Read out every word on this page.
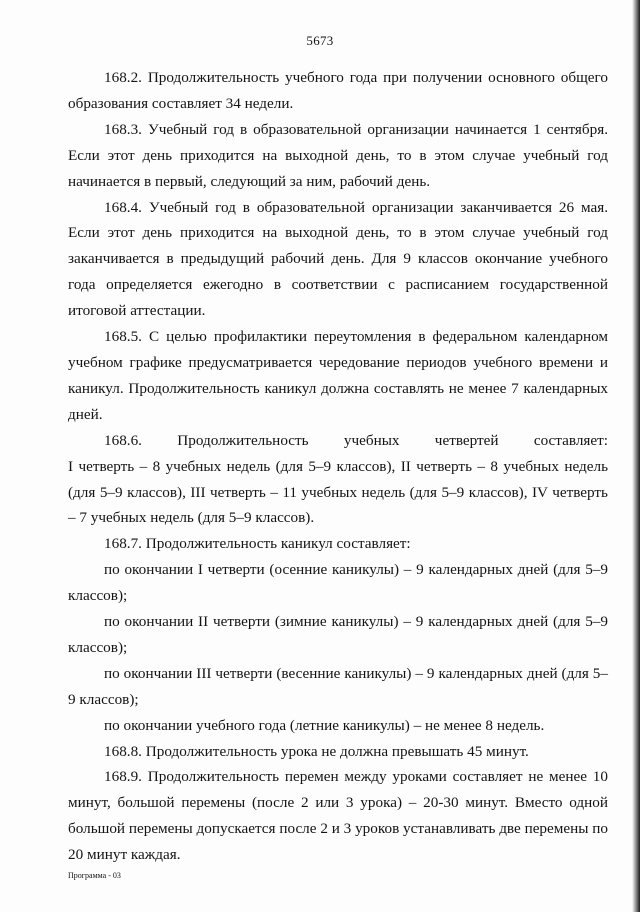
5673

168.2. Продолжительность учебного года при получении основного общего образования составляет 34 недели.

168.3. Учебный год в образовательной организации начинается 1 сентября. Если этот день приходится на выходной день, то в этом случае учебный год начинается в первый, следующий за ним, рабочий день.

168.4. Учебный год в образовательной организации заканчивается 26 мая. Если этот день приходится на выходной день, то в этом случае учебный год заканчивается в предыдущий рабочий день. Для 9 классов окончание учебного года определяется ежегодно в соответствии с расписанием государственной итоговой аттестации.

168.5. С целью профилактики переутомления в федеральном календарном учебном графике предусматривается чередование периодов учебного времени и каникул. Продолжительность каникул должна составлять не менее 7 календарных дней.

168.6. Продолжительность учебных четвертей составляет:

I четверть – 8 учебных недель (для 5–9 классов), II четверть – 8 учебных недель (для 5–9 классов), III четверть – 11 учебных недель (для 5–9 классов), IV четверть – 7 учебных недель (для 5–9 классов).

168.7. Продолжительность каникул составляет:

по окончании I четверти (осенние каникулы) – 9 календарных дней (для 5–9 классов);

по окончании II четверти (зимние каникулы) – 9 календарных дней (для 5–9 классов);

по окончании III четверти (весенние каникулы) – 9 календарных дней (для 5–9 классов);

по окончании учебного года (летние каникулы) – не менее 8 недель.

168.8. Продолжительность урока не должна превышать 45 минут.

168.9. Продолжительность перемен между уроками составляет не менее 10 минут, большой перемены (после 2 или 3 урока) – 20-30 минут. Вместо одной большой перемены допускается после 2 и 3 уроков устанавливать две перемены по 20 минут каждая.

Программа - 03
